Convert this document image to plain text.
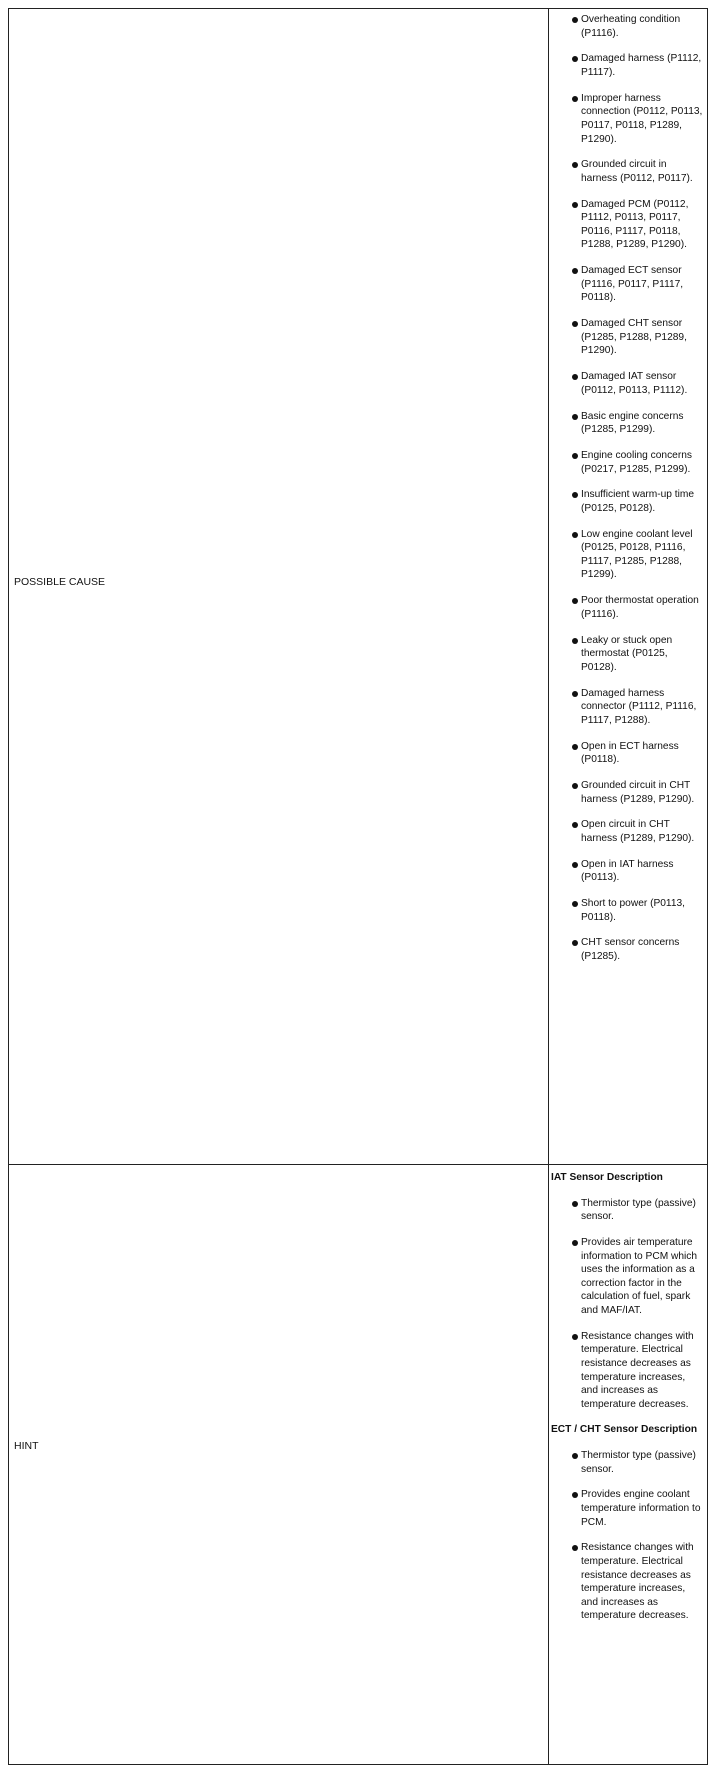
POSSIBLE CAUSE
Overheating condition (P1116).
Damaged harness (P1112, P1117).
Improper harness connection (P0112, P0113, P0117, P0118, P1289, P1290).
Grounded circuit in harness (P0112, P0117).
Damaged PCM (P0112, P1112, P0113, P0117, P0116, P1117, P0118, P1288, P1289, P1290).
Damaged ECT sensor (P1116, P0117, P1117, P0118).
Damaged CHT sensor (P1285, P1288, P1289, P1290).
Damaged IAT sensor (P0112, P0113, P1112).
Basic engine concerns (P1285, P1299).
Engine cooling concerns (P0217, P1285, P1299).
Insufficient warm-up time (P0125, P0128).
Low engine coolant level (P0125, P0128, P1116, P1117, P1285, P1288, P1299).
Poor thermostat operation (P1116).
Leaky or stuck open thermostat (P0125, P0128).
Damaged harness connector (P1112, P1116, P1117, P1288).
Open in ECT harness (P0118).
Grounded circuit in CHT harness (P1289, P1290).
Open circuit in CHT harness (P1289, P1290).
Open in IAT harness (P0113).
Short to power (P0113, P0118).
CHT sensor concerns (P1285).
HINT
IAT Sensor Description
Thermistor type (passive) sensor.
Provides air temperature information to PCM which uses the information as a correction factor in the calculation of fuel, spark and MAF/IAT.
Resistance changes with temperature. Electrical resistance decreases as temperature increases, and increases as temperature decreases.
ECT / CHT Sensor Description
Thermistor type (passive) sensor.
Provides engine coolant temperature information to PCM.
Resistance changes with temperature. Electrical resistance decreases as temperature increases, and increases as temperature decreases.
